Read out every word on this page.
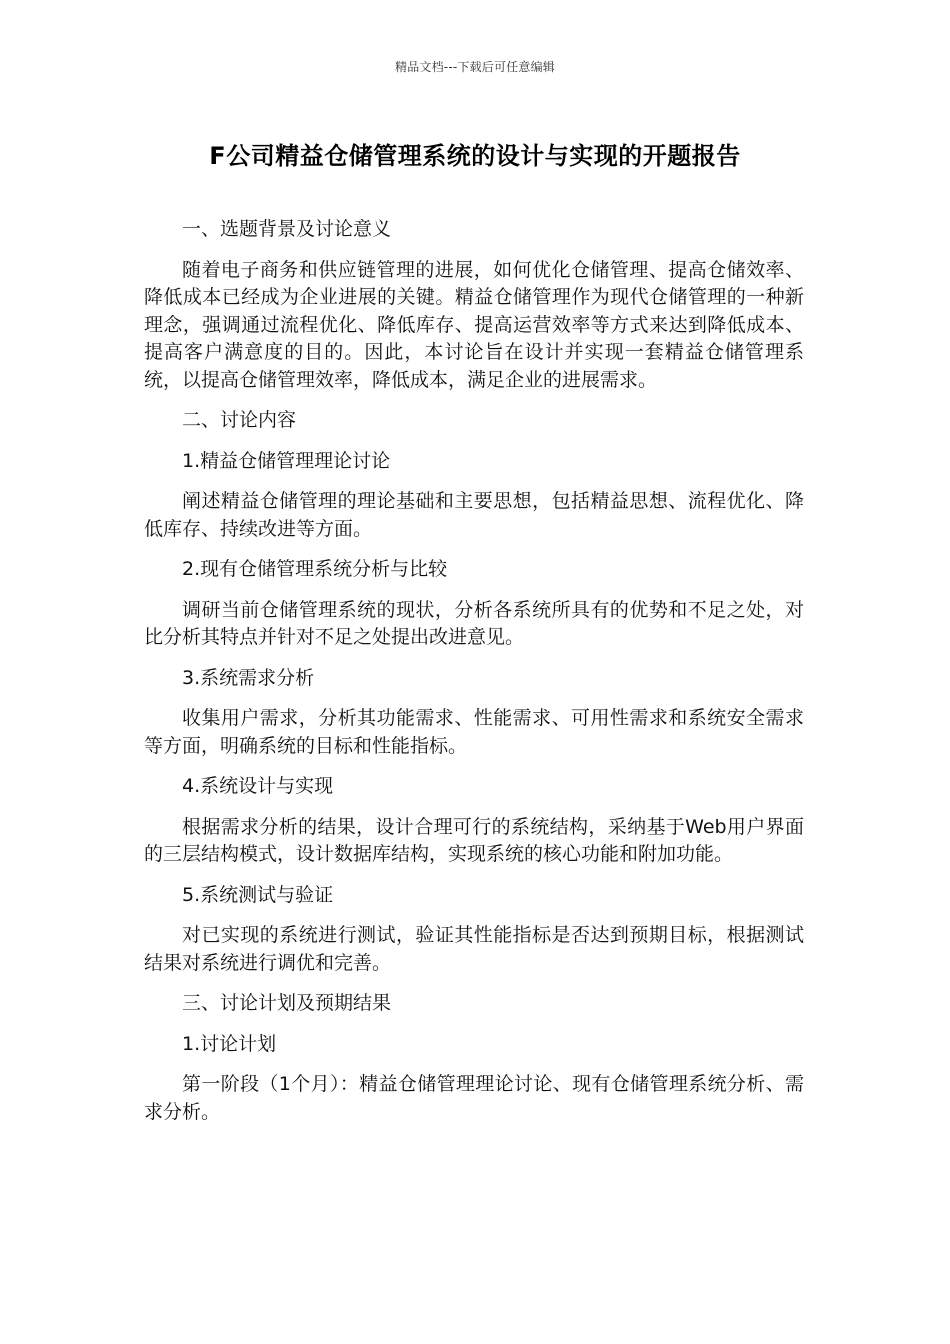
精品文档---下载后可任意编辑
F公司精益仓储管理系统的设计与实现的开题报告

一、选题背景及讨论意义

随着电子商务和供应链管理的进展，如何优化仓储管理、提高仓储效率、降低成本已经成为企业进展的关键。精益仓储管理作为现代仓储管理的一种新理念，强调通过流程优化、降低库存、提高运营效率等方式来达到降低成本、提高客户满意度的目的。因此，本讨论旨在设计并实现一套精益仓储管理系统，以提高仓储管理效率，降低成本，满足企业的进展需求。

二、讨论内容

1.精益仓储管理理论讨论

阐述精益仓储管理的理论基础和主要思想，包括精益思想、流程优化、降低库存、持续改进等方面。

2.现有仓储管理系统分析与比较

调研当前仓储管理系统的现状，分析各系统所具有的优势和不足之处，对比分析其特点并针对不足之处提出改进意见。

3.系统需求分析

收集用户需求，分析其功能需求、性能需求、可用性需求和系统安全需求等方面，明确系统的目标和性能指标。

4.系统设计与实现

根据需求分析的结果，设计合理可行的系统结构，采纳基于Web用户界面的三层结构模式，设计数据库结构，实现系统的核心功能和附加功能。

5.系统测试与验证

对已实现的系统进行测试，验证其性能指标是否达到预期目标，根据测试结果对系统进行调优和完善。

三、讨论计划及预期结果

1.讨论计划

第一阶段（1个月）：精益仓储管理理论讨论、现有仓储管理系统分析、需求分析。
